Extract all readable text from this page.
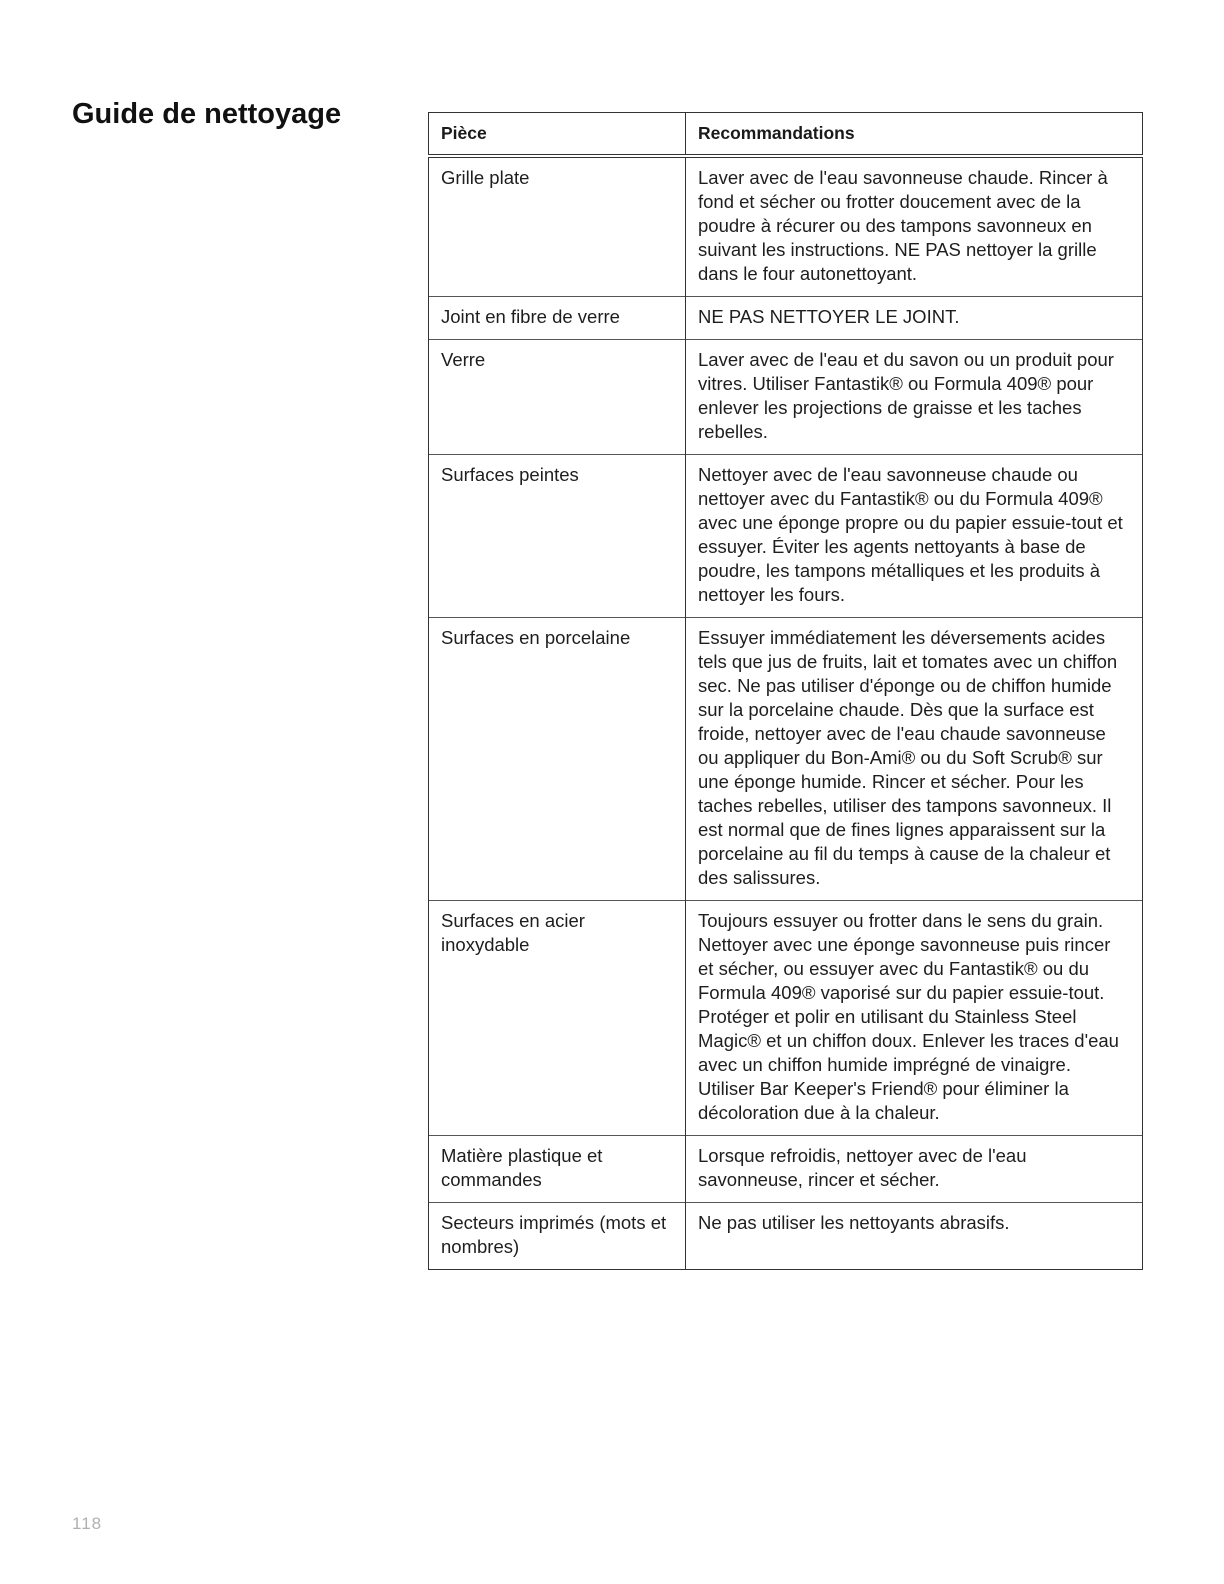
Guide de nettoyage
Pièce	Recommandations
Grille plate	Laver avec de l'eau savonneuse chaude. Rincer à fond et sécher ou frotter doucement avec de la poudre à récurer ou des tampons savonneux en suivant les instructions. NE PAS nettoyer la grille dans le four autonettoyant.
Joint en fibre de verre	NE PAS NETTOYER LE JOINT.
Verre	Laver avec de l'eau et du savon ou un produit pour vitres. Utiliser Fantastik® ou Formula 409® pour enlever les projections de graisse et les taches rebelles.
Surfaces peintes	Nettoyer avec de l'eau savonneuse chaude ou nettoyer avec du Fantastik® ou du Formula 409® avec une éponge propre ou du papier essuie-tout et essuyer. Éviter les agents nettoyants à base de poudre, les tampons métalliques et les produits à nettoyer les fours.
Surfaces en porcelaine	Essuyer immédiatement les déversements acides tels que jus de fruits, lait et tomates avec un chiffon sec. Ne pas utiliser d'éponge ou de chiffon humide sur la porcelaine chaude. Dès que la surface est froide, nettoyer avec de l'eau chaude savonneuse ou appliquer du Bon-Ami® ou du Soft Scrub® sur une éponge humide. Rincer et sécher. Pour les taches rebelles, utiliser des tampons savonneux. Il est normal que de fines lignes apparaissent sur la porcelaine au fil du temps à cause de la chaleur et des salissures.
Surfaces en acier inoxydable	Toujours essuyer ou frotter dans le sens du grain. Nettoyer avec une éponge savonneuse puis rincer et sécher, ou essuyer avec du Fantastik® ou du Formula 409® vaporisé sur du papier essuie-tout. Protéger et polir en utilisant du Stainless Steel Magic® et un chiffon doux. Enlever les traces d'eau avec un chiffon humide imprégné de vinaigre. Utiliser Bar Keeper's Friend® pour éliminer la décoloration due à la chaleur.
Matière plastique et commandes	Lorsque refroidis, nettoyer avec de l'eau savonneuse, rincer et sécher.
Secteurs imprimés (mots et nombres)	Ne pas utiliser les nettoyants abrasifs.
118
